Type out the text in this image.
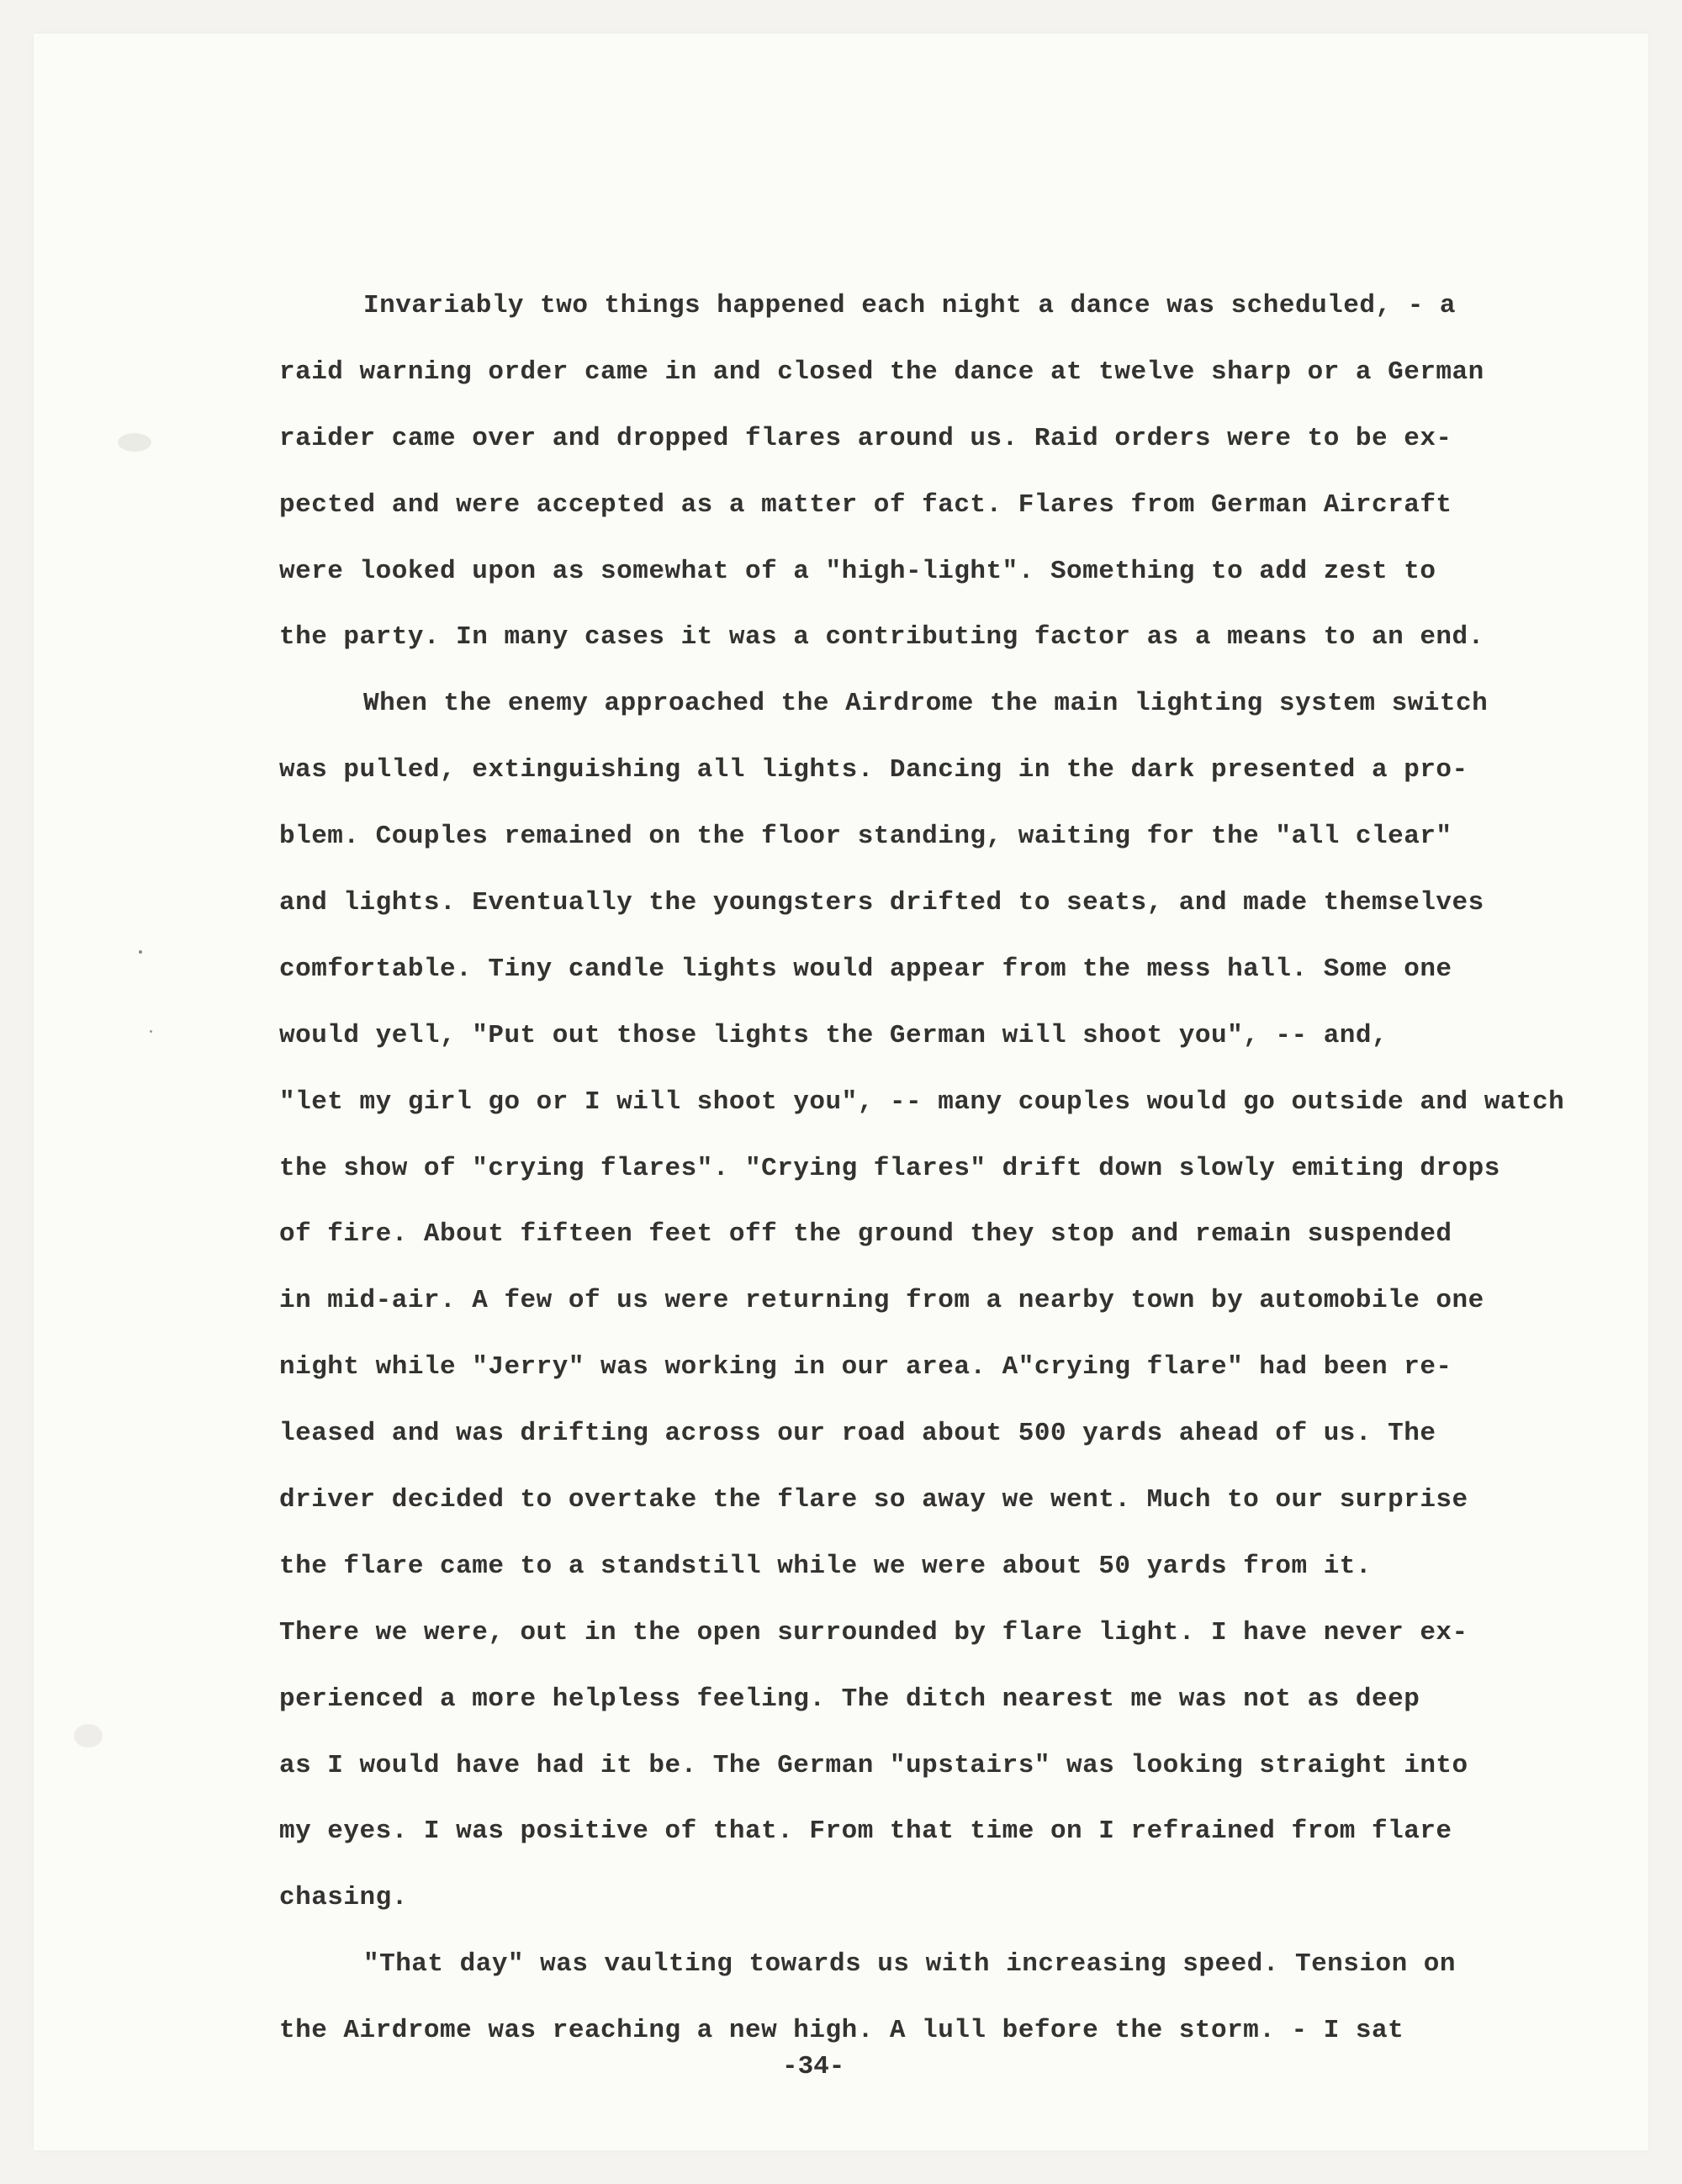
Invariably two things happened each night a dance was scheduled, - a
raid warning order came in and closed the dance at twelve sharp or a German
raider came over and dropped flares around us. Raid orders were to be ex-
pected and were accepted as a matter of fact. Flares from German Aircraft
were looked upon as somewhat of a "high-light". Something to add zest to
the party. In many cases it was a contributing factor as a means to an end.
When the enemy approached the Airdrome the main lighting system switch
was pulled, extinguishing all lights. Dancing in the dark presented a pro-
blem. Couples remained on the floor standing, waiting for the "all clear"
and lights. Eventually the youngsters drifted to seats, and made themselves
comfortable. Tiny candle lights would appear from the mess hall. Some one
would yell, "Put out those lights the German will shoot you", -- and,
"let my girl go or I will shoot you", -- many couples would go outside and watch
the show of "crying flares". "Crying flares" drift down slowly emiting drops
of fire. About fifteen feet off the ground they stop and remain suspended
in mid-air. A few of us were returning from a nearby town by automobile one
night while "Jerry" was working in our area. A"crying flare" had been re-
leased and was drifting across our road about 500 yards ahead of us. The
driver decided to overtake the flare so away we went. Much to our surprise
the flare came to a standstill while we were about 50 yards from it.
There we were, out in the open surrounded by flare light. I have never ex-
perienced a more helpless feeling. The ditch nearest me was not as deep
as I would have had it be. The German "upstairs" was looking straight into
my eyes. I was positive of that. From that time on I refrained from flare
chasing.
"That day" was vaulting towards us with increasing speed. Tension on
the Airdrome was reaching a new high. A lull before the storm. - I sat
-34-
